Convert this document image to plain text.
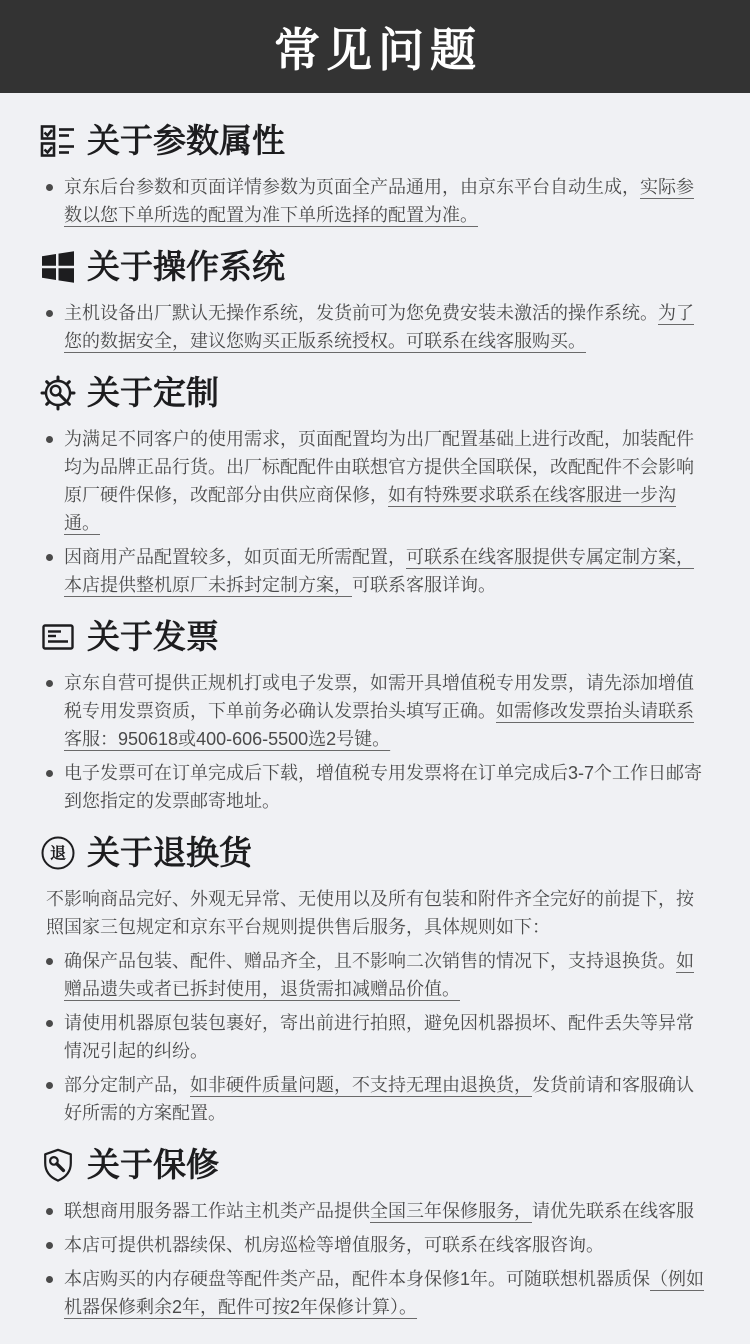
常见问题
关于参数属性
京东后台参数和页面详情参数为页面全产品通用，由京东平台自动生成，实际参数以您下单所选的配置为准下单所选择的配置为准。
关于操作系统
主机设备出厂默认无操作系统，发货前可为您免费安装未激活的操作系统。为了您的数据安全，建议您购买正版系统授权。可联系在线客服购买。
关于定制
为满足不同客户的使用需求，页面配置均为出厂配置基础上进行改配，加装配件均为品牌正品行货。出厂标配配件由联想官方提供全国联保，改配配件不会影响原厂硬件保修，改配部分由供应商保修，如有特殊要求联系在线客服进一步沟通。
因商用产品配置较多，如页面无所需配置，可联系在线客服提供专属定制方案，本店提供整机原厂未拆封定制方案，可联系客服详询。
关于发票
京东自营可提供正规机打或电子发票，如需开具增值税专用发票，请先添加增值税专用发票资质，下单前务必确认发票抬头填写正确。如需修改发票抬头请联系客服：950618或400-606-5500选2号键。
电子发票可在订单完成后下载，增值税专用发票将在订单完成后3-7个工作日邮寄到您指定的发票邮寄地址。
退 关于退换货

不影响商品完好、外观无异常、无使用以及所有包装和附件齐全完好的前提下，按照国家三包规定和京东平台规则提供售后服务，具体规则如下：

确保产品包装、配件、赠品齐全，且不影响二次销售的情况下，支持退换货。如赠品遗失或者已拆封使用，退货需扣减赠品价值。
请使用机器原包装包裹好，寄出前进行拍照，避免因机器损坏、配件丢失等异常情况引起的纠纷。
部分定制产品，如非硬件质量问题，不支持无理由退换货，发货前请和客服确认好所需的方案配置。
关于保修
联想商用服务器工作站主机类产品提供全国三年保修服务，请优先联系在线客服
本店可提供机器续保、机房巡检等增值服务，可联系在线客服咨询。
本店购买的内存硬盘等配件类产品，配件本身保修1年。可随联想机器质保（例如机器保修剩余2年，配件可按2年保修计算）。
